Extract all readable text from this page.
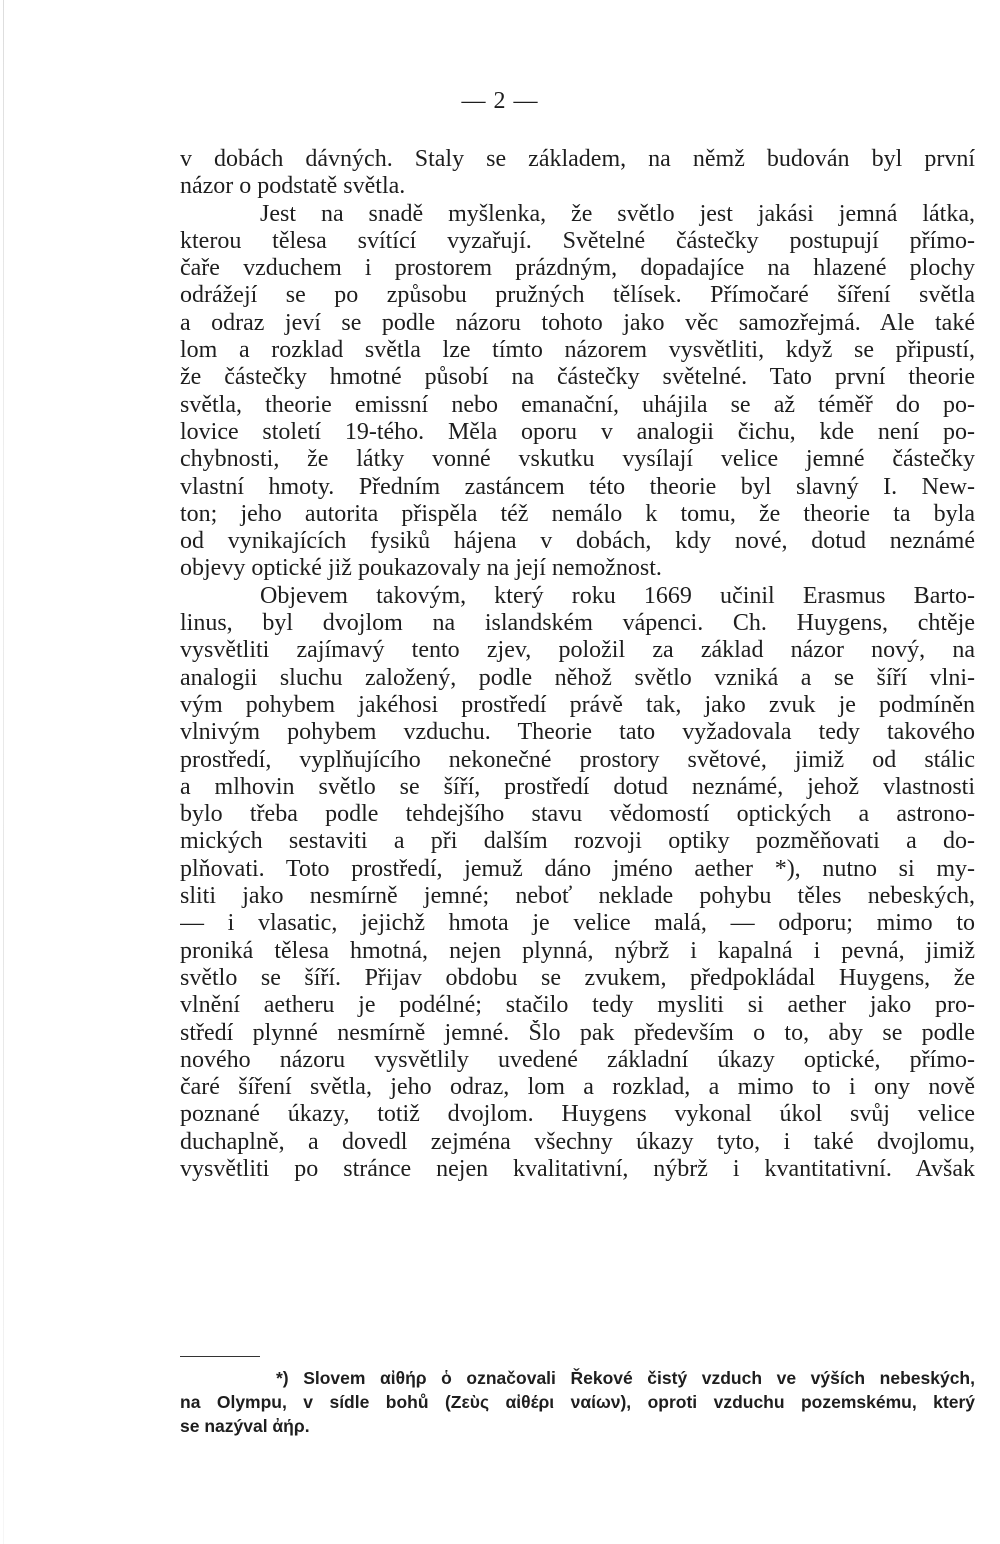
— 2 —
v dobách dávných. Staly se základem, na němž budován byl první
názor o podstatě světla.
Jest na snadě myšlenka, že světlo jest jakási jemná látka,
kterou tělesa svítící vyzařují. Světelné částečky postupují přímo-
čaře vzduchem i prostorem prázdným, dopadajíce na hlazené plochy
odrážejí se po způsobu pružných tělísek. Přímočaré šíření světla
a odraz jeví se podle názoru tohoto jako věc samozřejmá. Ale také
lom a rozklad světla lze tímto názorem vysvětliti, když se připustí,
že částečky hmotné působí na částečky světelné. Tato první theorie
světla, theorie emissní nebo emanační, uhájila se až téměř do po-
lovice století 19-tého. Měla oporu v analogii čichu, kde není po-
chybnosti, že látky vonné vskutku vysílají velice jemné částečky
vlastní hmoty. Předním zastáncem této theorie byl slavný I. New-
ton; jeho autorita přispěla též nemálo k tomu, že theorie ta byla
od vynikajících fysiků hájena v dobách, kdy nové, dotud neznámé
objevy optické již poukazovaly na její nemožnost.
Objevem takovým, který roku 1669 učinil Erasmus Barto-
linus, byl dvojlom na islandském vápenci. Ch. Huygens, chtěje
vysvětliti zajímavý tento zjev, položil za základ názor nový, na
analogii sluchu založený, podle něhož světlo vzniká a se šíří vlni-
vým pohybem jakéhosi prostředí právě tak, jako zvuk je podmíněn
vlnivým pohybem vzduchu. Theorie tato vyžadovala tedy takového
prostředí, vyplňujícího nekonečné prostory světové, jimiž od stálic
a mlhovin světlo se šíří, prostředí dotud neznámé, jehož vlastnosti
bylo třeba podle tehdejšího stavu vědomostí optických a astrono-
mických sestaviti a při dalším rozvoji optiky pozměňovati a do-
plňovati. Toto prostředí, jemuž dáno jméno aether *), nutno si my-
sliti jako nesmírně jemné; neboť neklade pohybu těles nebeských,
— i vlasatic, jejichž hmota je velice malá, — odporu; mimo to
proniká tělesa hmotná, nejen plynná, nýbrž i kapalná i pevná, jimiž
světlo se šíří. Přijav obdobu se zvukem, předpokládal Huygens, že
vlnění aetheru je podélné; stačilo tedy mysliti si aether jako pro-
středí plynné nesmírně jemné. Šlo pak především o to, aby se podle
nového názoru vysvětlily uvedené základní úkazy optické, přímo-
čaré šíření světla, jeho odraz, lom a rozklad, a mimo to i ony nově
poznané úkazy, totiž dvojlom. Huygens vykonal úkol svůj velice
duchaplně, a dovedl zejména všechny úkazy tyto, i také dvojlomu,
vysvětliti po stránce nejen kvalitativní, nýbrž i kvantitativní. Avšak
*) Slovem αἰθήρ ὁ označovali Řekové čistý vzduch ve výších nebeských,
na Olympu, v sídle bohů (Ζεὺς αἰθέρι ναίων), oproti vzduchu pozemskému, který
se nazýval ἀήρ.
